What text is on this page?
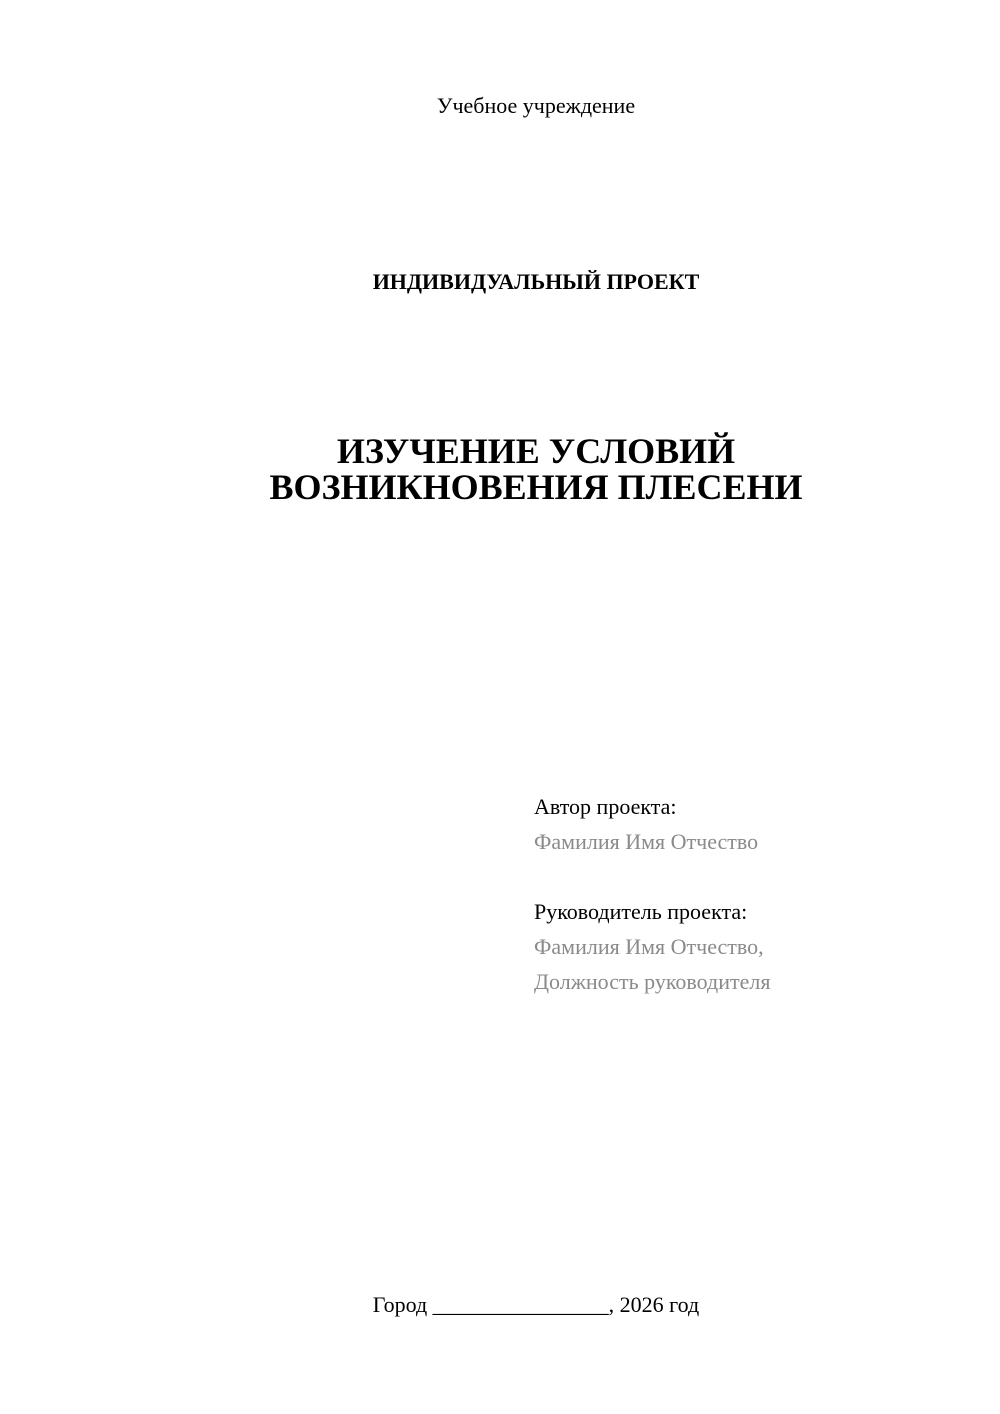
Учебное учреждение
ИНДИВИДУАЛЬНЫЙ ПРОЕКТ
ИЗУЧЕНИЕ УСЛОВИЙ
ВОЗНИКНОВЕНИЯ ПЛЕСЕНИ
Автор проекта:
Фамилия Имя Отчество
Руководитель проекта:
Фамилия Имя Отчество,
Должность руководителя
Город ________________, 2026 год
